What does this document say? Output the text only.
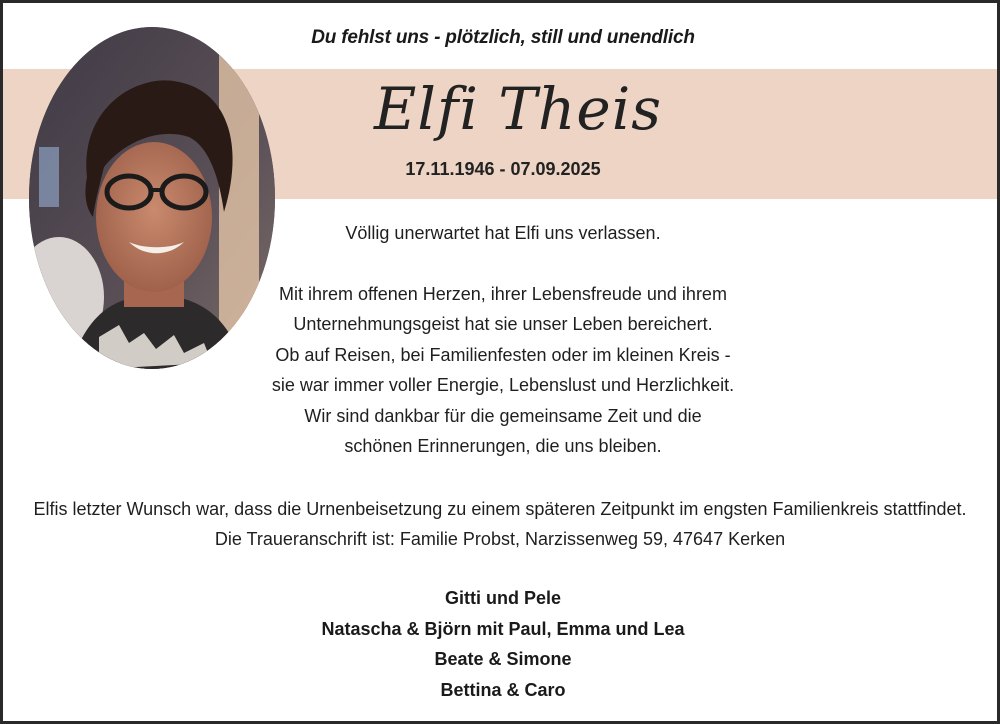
Du fehlst uns - plötzlich, still und unendlich
Elfi Theis
17.11.1946 - 07.09.2025
Völlig unerwartet hat Elfi uns verlassen.
Mit ihrem offenen Herzen, ihrer Lebensfreude und ihrem
Unternehmungsgeist hat sie unser Leben bereichert.
Ob auf Reisen, bei Familienfesten oder im kleinen Kreis -
sie war immer voller Energie, Lebenslust und Herzlichkeit.
Wir sind dankbar für die gemeinsame Zeit und die
schönen Erinnerungen, die uns bleiben.
Elfis letzter Wunsch war, dass die Urnenbeisetzung zu einem späteren Zeitpunkt im engsten Familienkreis stattfindet.
Die Traueranschrift ist: Familie Probst, Narzissenweg 59, 47647 Kerken
Gitti und Pele
Natascha & Björn mit Paul, Emma und Lea
Beate & Simone
Bettina & Caro
